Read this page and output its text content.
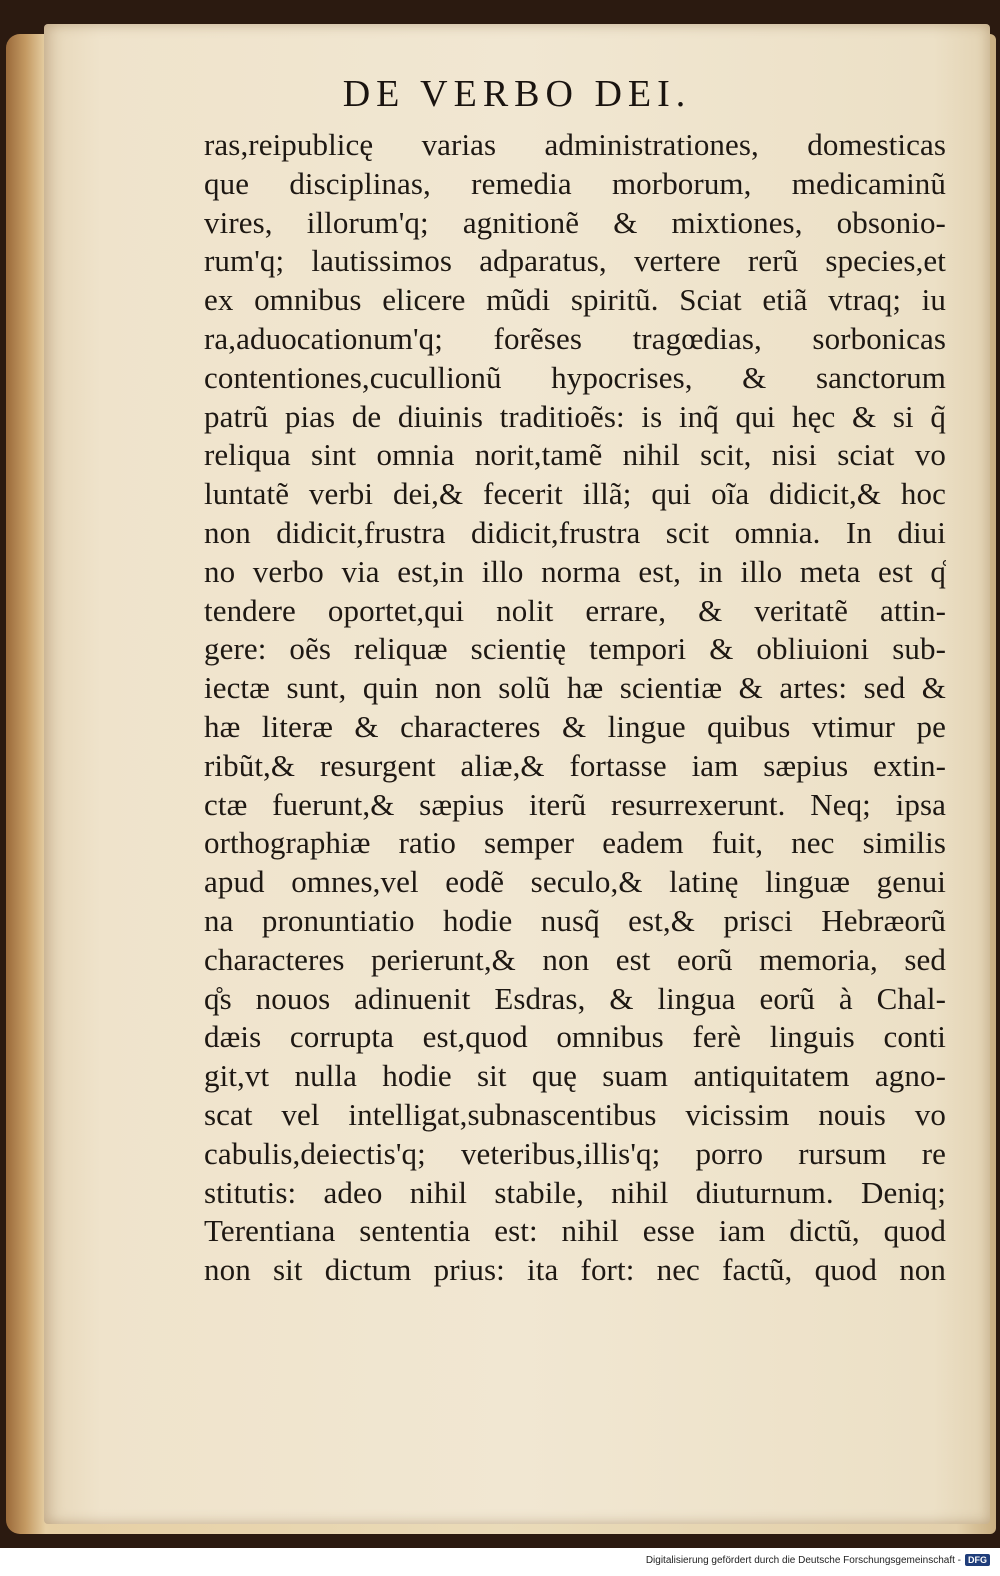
DE VERBO DEI.
ras,reipublicę varias administrationes, domesticas
que disciplinas, remedia morborum, medicaminũ
vires, illorum'q; agnitionẽ & mixtiones, obsonio-
rum'q; lautissimos adparatus, vertere rerũ species,et
ex omnibus elicere mũdi spiritũ. Sciat etiã vtraq; iu
ra,aduocationum'q; forẽses tragœdias, sorbonicas
contentiones,cucullionũ hypocrises, & sanctorum
patrũ pias de diuinis traditioẽs: is inq̃ qui hęc & si q̃
reliqua sint omnia norit,tamẽ nihil scit, nisi sciat vo
luntatẽ verbi dei,& fecerit illã; qui oĩa didicit,& hoc
non didicit,frustra didicit,frustra scit omnia. In diui
no verbo via est,in illo norma est, in illo meta est q̊
tendere oportet,qui nolit errare, & veritatẽ attin-
gere: oẽs reliquæ scientię tempori & obliuioni sub-
iectæ sunt, quin non solũ hæ scientiæ & artes: sed &
hæ literæ & characteres & lingue quibus vtimur pe
ribũt,& resurgent aliæ,& fortasse iam sæpius extin-
ctæ fuerunt,& sæpius iterũ resurrexerunt. Neq; ipsa
orthographiæ ratio semper eadem fuit, nec similis
apud omnes,vel eodẽ seculo,& latinę linguæ genui
na pronuntiatio hodie nusq̃ est,& prisci Hebræorũ
characteres perierunt,& non est eorũ memoria, sed
q̊s nouos adinuenit Esdras, & lingua eorũ à Chal-
dæis corrupta est,quod omnibus ferè linguis conti
git,vt nulla hodie sit quę suam antiquitatem agno-
scat vel intelligat,subnascentibus vicissim nouis vo
cabulis,deiectis'q; veteribus,illis'q; porro rursum re
stitutis: adeo nihil stabile, nihil diuturnum. Deniq;
Terentiana sententia est: nihil esse iam dictũ, quod
non sit dictum prius: ita fort: nec factũ, quod non
Digitalisierung gefördert durch die Deutsche Forschungsgemeinschaft - DFG
